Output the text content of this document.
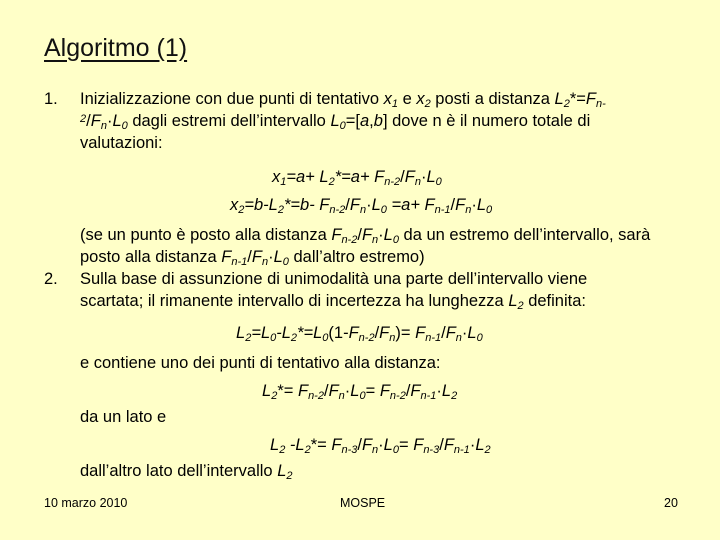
Algoritmo (1)
1. Inizializzazione con due punti di tentativo $x_1$ e $x_2$ posti a distanza $L_2*=F_{n-}$
$_2/F_n\cdot L_0$ dagli estremi dell’intervallo $L_0=[a,b]$ dove n è il numero totale di
valutazioni:
$x_1=a+ L_2*=a+ F_{n-2}/F_n\cdot L_0$
$x_2=b-L_2*=b-$ $F_{n-2}/F_n\cdot L_0 =a+ F_{n-1}/F_n\cdot L_0$
(se un punto è posto alla distanza $F_{n-2}/F_n\cdot L_0$ da un estremo dell’intervallo, sarà
posto alla distanza $F_{n-1}/F_n\cdot L_0$ dall’altro estremo)
2. Sulla base di assunzione di unimodalità una parte dell’intervallo viene
scartata; il rimanente intervallo di incertezza ha lunghezza $L_2$ definita:
$L_2=L_0-L_2*=L_0(1-F_{n-2}/F_n)= F_{n-1}/F_n\cdot L_0$
e contiene uno dei punti di tentativo alla distanza:
$L_2*= F_{n-2}/F_n\cdot L_0= F_{n-2}/F_{n-1}\cdot L_2$
da un lato e
$L_2$ $-L_2*= F_{n-3}/F_n\cdot L_0= F_{n-3}/F_{n-1}\cdot L_2$
dall’altro lato dell’intervallo $L_2$
10 marzo 2010	MOSPE	20
